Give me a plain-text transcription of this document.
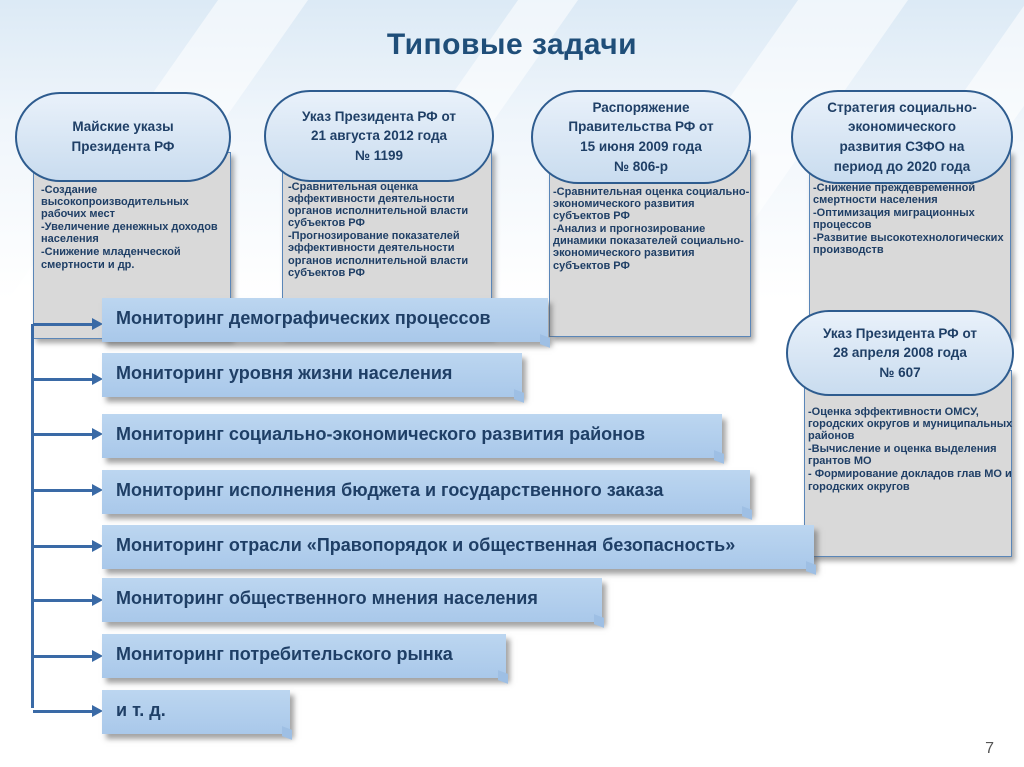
Типовые задачи
Майские указы
Президента РФ
-Создание высокопроизводительных рабочих мест
-Увеличение денежных доходов населения
-Снижение младенческой смертности и др.
Указ Президента РФ от
21 августа 2012 года
№ 1199
-Сравнительная оценка эффективности деятельности органов исполнительной власти субъектов РФ
-Прогнозирование показателей эффективности деятельности органов исполнительной власти субъектов РФ
Распоряжение
Правительства РФ от
15 июня 2009 года
№ 806-р
-Сравнительная оценка социально-экономического развития субъектов РФ
-Анализ и прогнозирование динамики показателей социально-экономического развития субъектов РФ
Стратегия социально-
экономического
развития СЗФО на
период до 2020 года
-Снижение преждевременной смертности населения
-Оптимизация миграционных процессов
-Развитие высокотехнологических производств
Указ Президента РФ от
28 апреля 2008 года
№ 607
-Оценка эффективности ОМСУ, городских округов и муниципальных районов
-Вычисление и оценка выделения грантов МО
- Формирование докладов глав МО и городских округов
Мониторинг демографических процессов
Мониторинг уровня жизни населения
Мониторинг социально-экономического развития районов
Мониторинг исполнения бюджета и государственного заказа
Мониторинг отрасли «Правопорядок и общественная безопасность»
Мониторинг общественного мнения населения
Мониторинг потребительского рынка
и т. д.
7
